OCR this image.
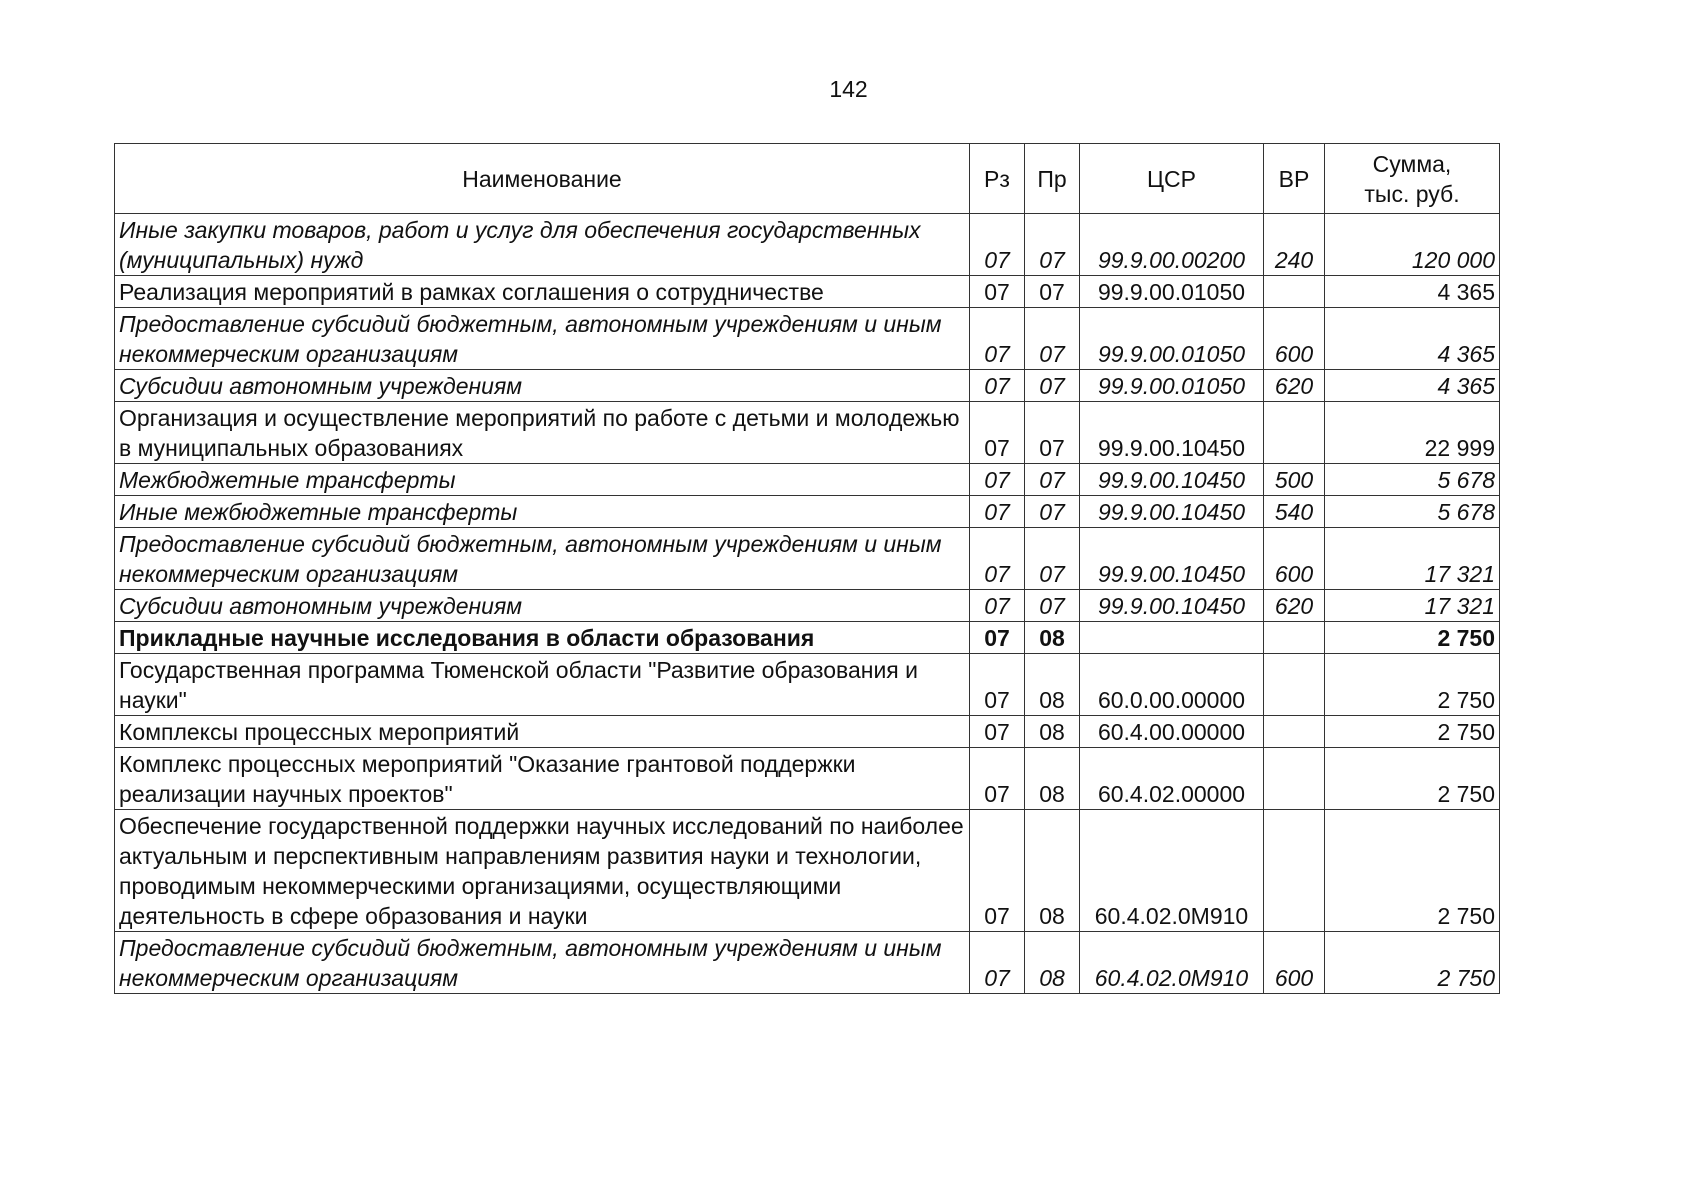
142
Наименование	Рз	Пр	ЦСР	ВР	Сумма,
тыс. руб.
Иные закупки товаров, работ и услуг для обеспечения государственных (муниципальных) нужд	07	07	99.9.00.00200	240	120 000
Реализация мероприятий в рамках соглашения о сотрудничестве	07	07	99.9.00.01050		4 365
Предоставление субсидий бюджетным, автономным учреждениям и иным некоммерческим организациям	07	07	99.9.00.01050	600	4 365
Субсидии автономным учреждениям	07	07	99.9.00.01050	620	4 365
Организация и осуществление мероприятий по работе с детьми и молодежью в муниципальных образованиях	07	07	99.9.00.10450		22 999
Межбюджетные трансферты	07	07	99.9.00.10450	500	5 678
Иные межбюджетные трансферты	07	07	99.9.00.10450	540	5 678
Предоставление субсидий бюджетным, автономным учреждениям и иным некоммерческим организациям	07	07	99.9.00.10450	600	17 321
Субсидии автономным учреждениям	07	07	99.9.00.10450	620	17 321
Прикладные научные исследования в области образования	07	08			2 750
Государственная программа Тюменской области "Развитие образования и науки"	07	08	60.0.00.00000		2 750
Комплексы процессных мероприятий	07	08	60.4.00.00000		2 750
Комплекс процессных мероприятий "Оказание грантовой поддержки реализации научных проектов"	07	08	60.4.02.00000		2 750
Обеспечение государственной поддержки научных исследований по наиболее актуальным и перспективным направлениям развития науки и технологии, проводимым некоммерческими организациями, осуществляющими деятельность в сфере образования и науки	07	08	60.4.02.0М910		2 750
Предоставление субсидий бюджетным, автономным учреждениям и иным некоммерческим организациям	07	08	60.4.02.0М910	600	2 750
